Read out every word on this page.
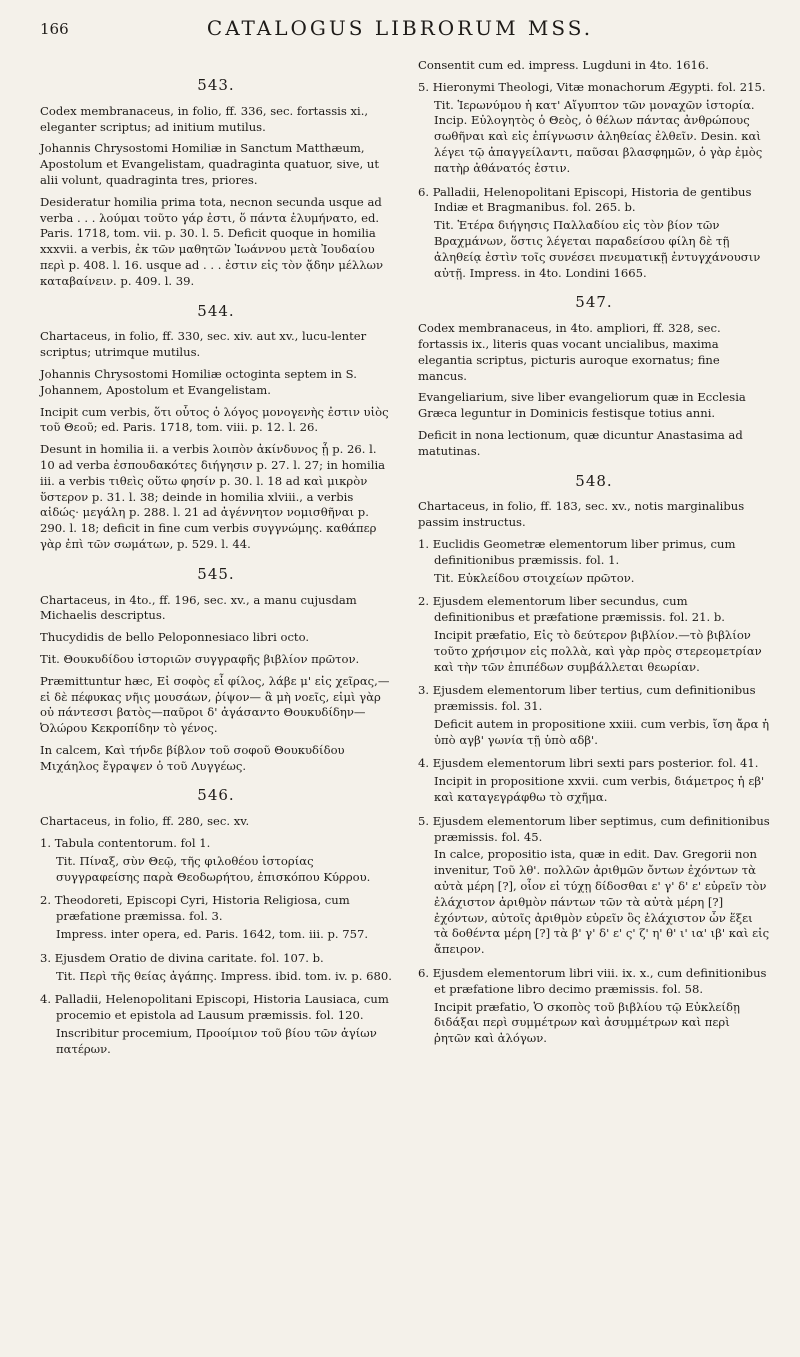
166	CATALOGUS LIBRORUM MSS.
543.

Codex membranaceus, in folio, ff. 336, sec. fortassis xi., eleganter scriptus; ad initium mutilus.

Johannis Chrysostomi Homiliæ in Sanctum Matthæum, Apostolum et Evangelistam, quadraginta quatuor, sive, ut alii volunt, quadraginta tres, priores.

Desideratur homilia prima tota, necnon secunda usque ad verba . . . λούμαι τοῦτο γάρ ἐστι, ὅ πάντα ἐλυμήνατο, ed. Paris. 1718, tom. vii. p. 30. l. 5. Deficit quoque in homilia xxxvii. a verbis, ἐκ τῶν μαθητῶν Ἰωάννου μετὰ Ἰουδαίου περὶ p. 408. l. 16. usque ad . . . ἐστιν εἰς τὸν ᾅδην μέλλων καταβαίνειν. p. 409. l. 39.

544.

Chartaceus, in folio, ff. 330, sec. xiv. aut xv., lucu-lenter scriptus; utrimque mutilus.

Johannis Chrysostomi Homiliæ octoginta septem in S. Johannem, Apostolum et Evangelistam.

Incipit cum verbis, ὅτι οὗτος ὁ λόγος μονογενὴς ἐστιν υἱὸς τοῦ Θεοῦ; ed. Paris. 1718, tom. viii. p. 12. l. 26.

Desunt in homilia ii. a verbis λοιπὸν ἀκίνδυνος ᾗ p. 26. l. 10 ad verba ἐσπουδακότες διήγησιν p. 27. l. 27; in homilia iii. a verbis τιθεὶς οὕτω φησίν p. 30. l. 18 ad καὶ μικρὸν ὕστερον p. 31. l. 38; deinde in homilia xlviii., a verbis αἰδώς· μεγάλη p. 288. l. 21 ad ἀγέννητον νομισθῆναι p. 290. l. 18; deficit in fine cum verbis συγγνώμης. καθάπερ γὰρ ἐπὶ τῶν σωμάτων, p. 529. l. 44.

545.

Chartaceus, in 4to., ff. 196, sec. xv., a manu cujusdam Michaelis descriptus.

Thucydidis de bello Peloponnesiaco libri octo.

Tit. Θουκυδίδου ἱστοριῶν συγγραφῆς βιβλίον πρῶτον.

Præmittuntur hæc, Εἰ σοφὸς εἶ φίλος, λάβε μ' εἰς χεῖρας,—εἰ δὲ πέφυκας νῆις μουσάων, ῥίψον— ἃ μὴ νοεῖς, εἰμὶ γὰρ οὐ πάντεσσι βατὸς—παῦροι δ' ἀγάσαντο Θουκυδίδην—Ὀλώρου Κεκροπίδην τὸ γένος.

In calcem, Καὶ τήνδε βίβλον τοῦ σοφοῦ Θουκυδίδου Μιχάηλος ἔγραψεν ὁ τοῦ Λυγγέως.

546.

Chartaceus, in folio, ff. 280, sec. xv.

1. Tabula contentorum. fol 1.
Tit. Πίναξ, σὺν Θεῷ, τῆς φιλοθέου ἱστορίας συγγραφείσης παρὰ Θεοδωρήτου, ἐπισκόπου Κύρρου.
2. Theodoreti, Episcopi Cyri, Historia Religiosa, cum præfatione præmissa. fol. 3.
Impress. inter opera, ed. Paris. 1642, tom. iii. p. 757.
3. Ejusdem Oratio de divina caritate. fol. 107. b.
Tit. Περὶ τῆς θείας ἀγάπης. Impress. ibid. tom. iv. p. 680.
4. Palladii, Helenopolitani Episcopi, Historia Lausiaca, cum procemio et epistola ad Lausum præmissis. fol. 120.
Inscribitur procemium, Προοίμιον τοῦ βίου τῶν ἁγίων πατέρων.

Consentit cum ed. impress. Lugduni in 4to. 1616.

5. Hieronymi Theologi, Vitæ monachorum Ægypti. fol. 215.
Tit. Ἱερωνύμου ἡ κατ' Αἴγυπτον τῶν μοναχῶν ἱστορία. Incip. Εὐλογητὸς ὁ Θεὸς, ὁ θέλων πάντας ἀνθρώπους σωθῆναι καὶ εἰς ἐπίγνωσιν ἀληθείας ἐλθεῖν. Desin. καὶ λέγει τῷ ἀπαγγείλαντι, παῦσαι βλασφημῶν, ὁ γὰρ ἐμὸς πατὴρ ἀθάνατός ἐστιν.
6. Palladii, Helenopolitani Episcopi, Historia de gentibus Indiæ et Bragmanibus. fol. 265. b.
Tit. Ἑτέρα διήγησις Παλλαδίου εἰς τὸν βίον τῶν Βραχμάνων, ὅστις λέγεται παραδείσου φίλη δὲ τῇ ἀληθείᾳ ἐστὶν τοῖς συνέσει πνευματικῇ ἐντυγχάνουσιν αὐτῇ. Impress. in 4to. Londini 1665.
547.

Codex membranaceus, in 4to. ampliori, ff. 328, sec. fortassis ix., literis quas vocant uncialibus, maxima elegantia scriptus, picturis auroque exornatus; fine mancus.

Evangeliarium, sive liber evangeliorum quæ in Ecclesia Græca leguntur in Dominicis festisque totius anni.

Deficit in nona lectionum, quæ dicuntur Anastasima ad matutinas.

548.

Chartaceus, in folio, ff. 183, sec. xv., notis marginalibus passim instructus.

1. Euclidis Geometræ elementorum liber primus, cum definitionibus præmissis. fol. 1.
Tit. Εὐκλείδου στοιχείων πρῶτον.
2. Ejusdem elementorum liber secundus, cum definitionibus et præfatione præmissis. fol. 21. b.
Incipit præfatio, Εἰς τὸ δεύτερον βιβλίον.—τὸ βιβλίον τοῦτο χρήσιμον εἰς πολλὰ, καὶ γὰρ πρὸς στερεομετρίαν καὶ τὴν τῶν ἐπιπέδων συμβάλλεται θεωρίαν.
3. Ejusdem elementorum liber tertius, cum definitionibus præmissis. fol. 31.
Deficit autem in propositione xxiii. cum verbis, ἴση ἄρα ἡ ὑπὸ αγβ' γωνία τῇ ὑπὸ αδβ'.
4. Ejusdem elementorum libri sexti pars posterior. fol. 41.
Incipit in propositione xxvii. cum verbis, διάμετρος ἡ εβ' καὶ καταγεγράφθω τὸ σχῆμα.
5. Ejusdem elementorum liber septimus, cum definitionibus præmissis. fol. 45.
In calce, propositio ista, quæ in edit. Dav. Gregorii non invenitur, Τοῦ λθ'. πολλῶν ἀριθμῶν ὄντων ἐχόντων τὰ αὐτὰ μέρη [?], οἷον εἰ τύχῃ δίδοσθαι ε' γ' δ' ε' εὑρεῖν τὸν ἐλάχιστον ἀριθμὸν πάντων τῶν τὰ αὐτὰ μέρη [?] ἐχόντων, αὐτοῖς ἀριθμὸν εὑρεῖν ὃς ἐλάχιστον ὧν ἕξει τὰ δοθέντα μέρη [?] τὰ β' γ' δ' ε' ς' ζ' η' θ' ι' ια' ιβ' καὶ εἰς ἄπειρον.
6. Ejusdem elementorum libri viii. ix. x., cum definitionibus et præfatione libro decimo præmissis. fol. 58.
Incipit præfatio, Ὁ σκοπὸς τοῦ βιβλίου τῷ Εὐκλείδῃ διδάξαι περὶ συμμέτρων καὶ ἀσυμμέτρων καὶ περὶ ῥητῶν καὶ ἀλόγων.
